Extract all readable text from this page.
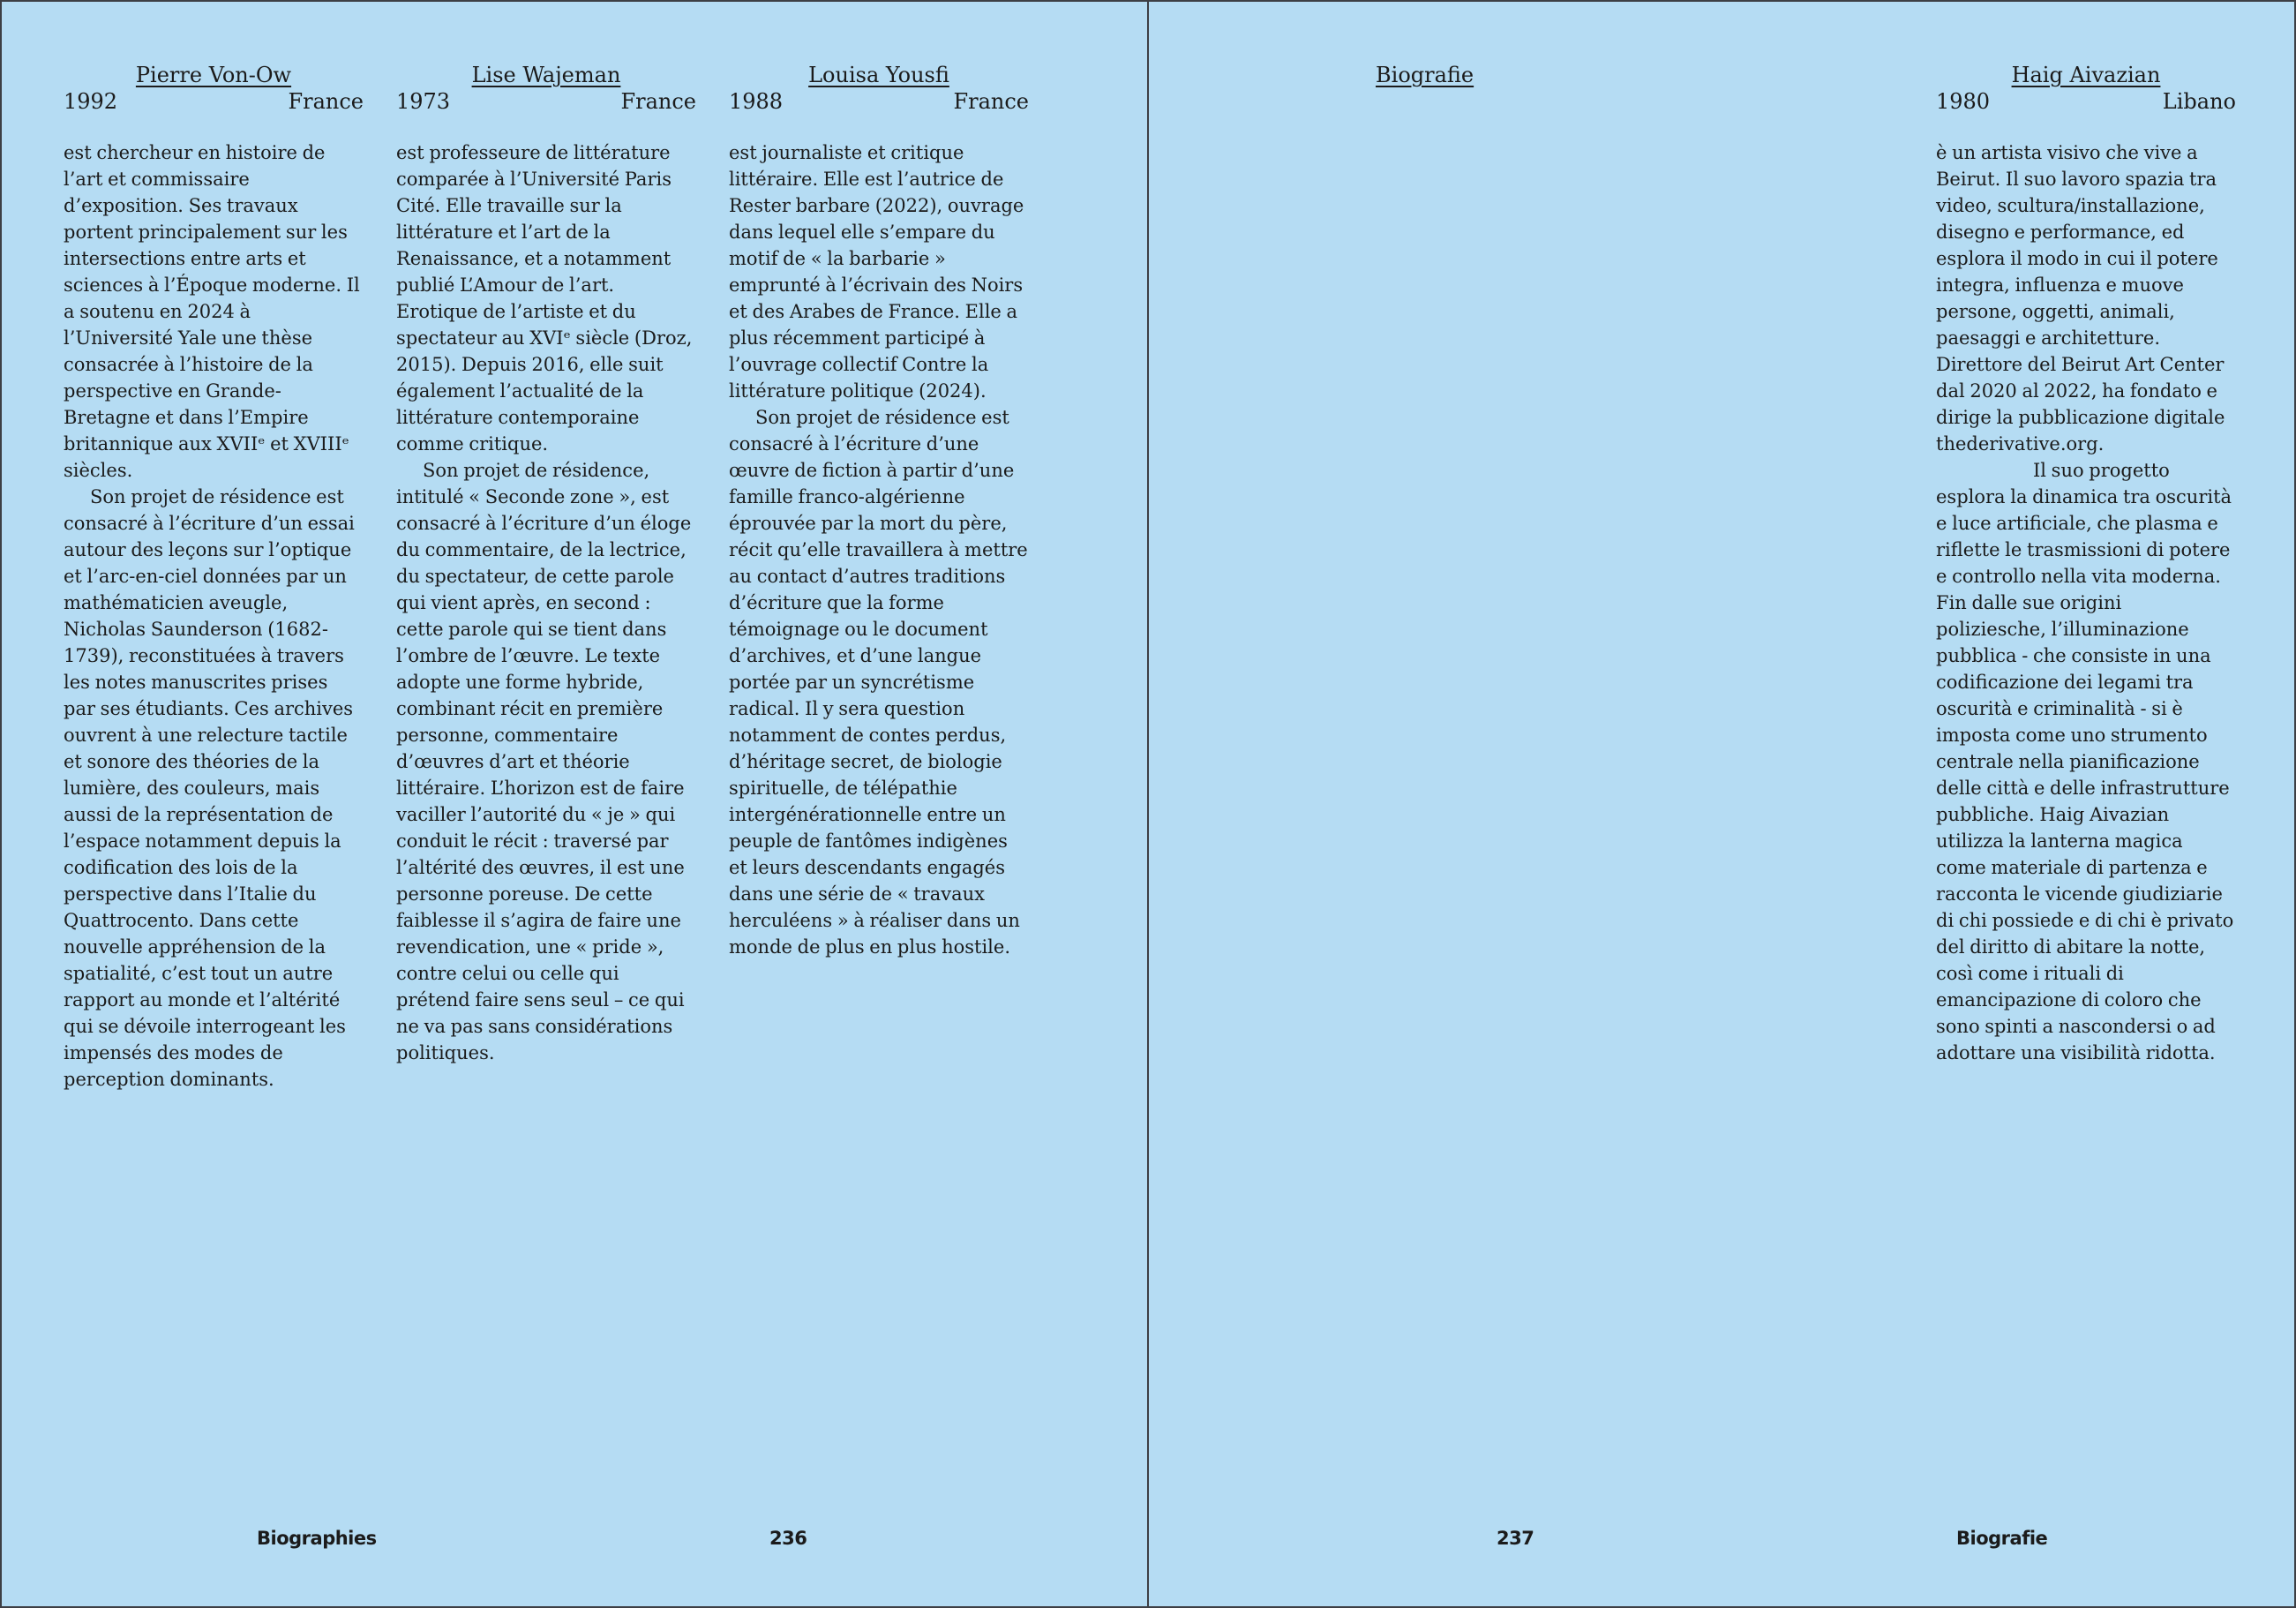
Pierre Von-Ow
1992	France

est chercheur en histoire de l’art et commissaire d’exposition. Ses travaux portent principalement sur les intersections entre arts et sciences à l’Époque moderne. Il a soutenu en 2024 à l’Université Yale une thèse consacrée à l’histoire de la perspective en Grande-Bretagne et dans l’Empire britannique aux XVIIᵉ et XVIIIᵉ siècles.

Son projet de résidence est consacré à l’écriture d’un essai autour des leçons sur l’optique et l’arc-en-ciel données par un mathématicien aveugle, Nicholas Saunderson (1682-1739), reconstituées à travers les notes manuscrites prises par ses étudiants. Ces archives ouvrent à une relecture tactile et sonore des théories de la lumière, des couleurs, mais aussi de la représentation de l’espace notamment depuis la codification des lois de la perspective dans l’Italie du Quattrocento. Dans cette nouvelle appréhension de la spatialité, c’est tout un autre rapport au monde et l’altérité qui se dévoile interrogeant les impensés des modes de perception dominants.

Lise Wajeman
1973	France

est professeure de littérature comparée à l’Université Paris Cité. Elle travaille sur la littérature et l’art de la Renaissance, et a notamment publié L’Amour de l’art. Erotique de l’artiste et du spectateur au XVIᵉ siècle (Droz, 2015). Depuis 2016, elle suit également l’actualité de la littérature contemporaine comme critique.

Son projet de résidence, intitulé « Seconde zone », est consacré à l’écriture d’un éloge du commentaire, de la lectrice, du spectateur, de cette parole qui vient après, en second : cette parole qui se tient dans l’ombre de l’œuvre. Le texte adopte une forme hybride, combinant récit en première personne, commentaire d’œuvres d’art et théorie littéraire. L’horizon est de faire vaciller l’autorité du « je » qui conduit le récit : traversé par l’altérité des œuvres, il est une personne poreuse. De cette faiblesse il s’agira de faire une revendication, une « pride », contre celui ou celle qui prétend faire sens seul – ce qui ne va pas sans considérations politiques.

Louisa Yousfi
1988	France

est journaliste et critique littéraire. Elle est l’autrice de Rester barbare (2022), ouvrage dans lequel elle s’empare du motif de « la barbarie » emprunté à l’écrivain des Noirs et des Arabes de France. Elle a plus récemment participé à l’ouvrage collectif Contre la littérature politique (2024).

Son projet de résidence est consacré à l’écriture d’une œuvre de fiction à partir d’une famille franco-algérienne éprouvée par la mort du père, récit qu’elle travaillera à mettre au contact d’autres traditions d’écriture que la forme témoignage ou le document d’archives, et d’une langue portée par un syncrétisme radical. Il y sera question notamment de contes perdus, d’héritage secret, de biologie spirituelle, de télépathie intergénérationnelle entre un peuple de fantômes indigènes et leurs descendants engagés dans une série de « travaux herculéens » à réaliser dans un monde de plus en plus hostile.

Biographies	236
Biografie	Haig Aivazian
1980	Libano

è un artista visivo che vive a Beirut. Il suo lavoro spazia tra video, scultura/installazione, disegno e performance, ed esplora il modo in cui il potere integra, influenza e muove persone, oggetti, animali, paesaggi e architetture. Direttore del Beirut Art Center dal 2020 al 2022, ha fondato e dirige la pubblicazione digitale thederivative.org.

Il suo progetto esplora la dinamica tra oscurità e luce artificiale, che plasma e riflette le trasmissioni di potere e controllo nella vita moderna. Fin dalle sue origini poliziesche, l’illuminazione pubblica - che consiste in una codificazione dei legami tra oscurità e criminalità - si è imposta come uno strumento centrale nella pianificazione delle città e delle infrastrutture pubbliche. Haig Aivazian utilizza la lanterna magica come materiale di partenza e racconta le vicende giudiziarie di chi possiede e di chi è privato del diritto di abitare la notte, così come i rituali di emancipazione di coloro che sono spinti a nascondersi o ad adottare una visibilità ridotta.

237	Biografie
